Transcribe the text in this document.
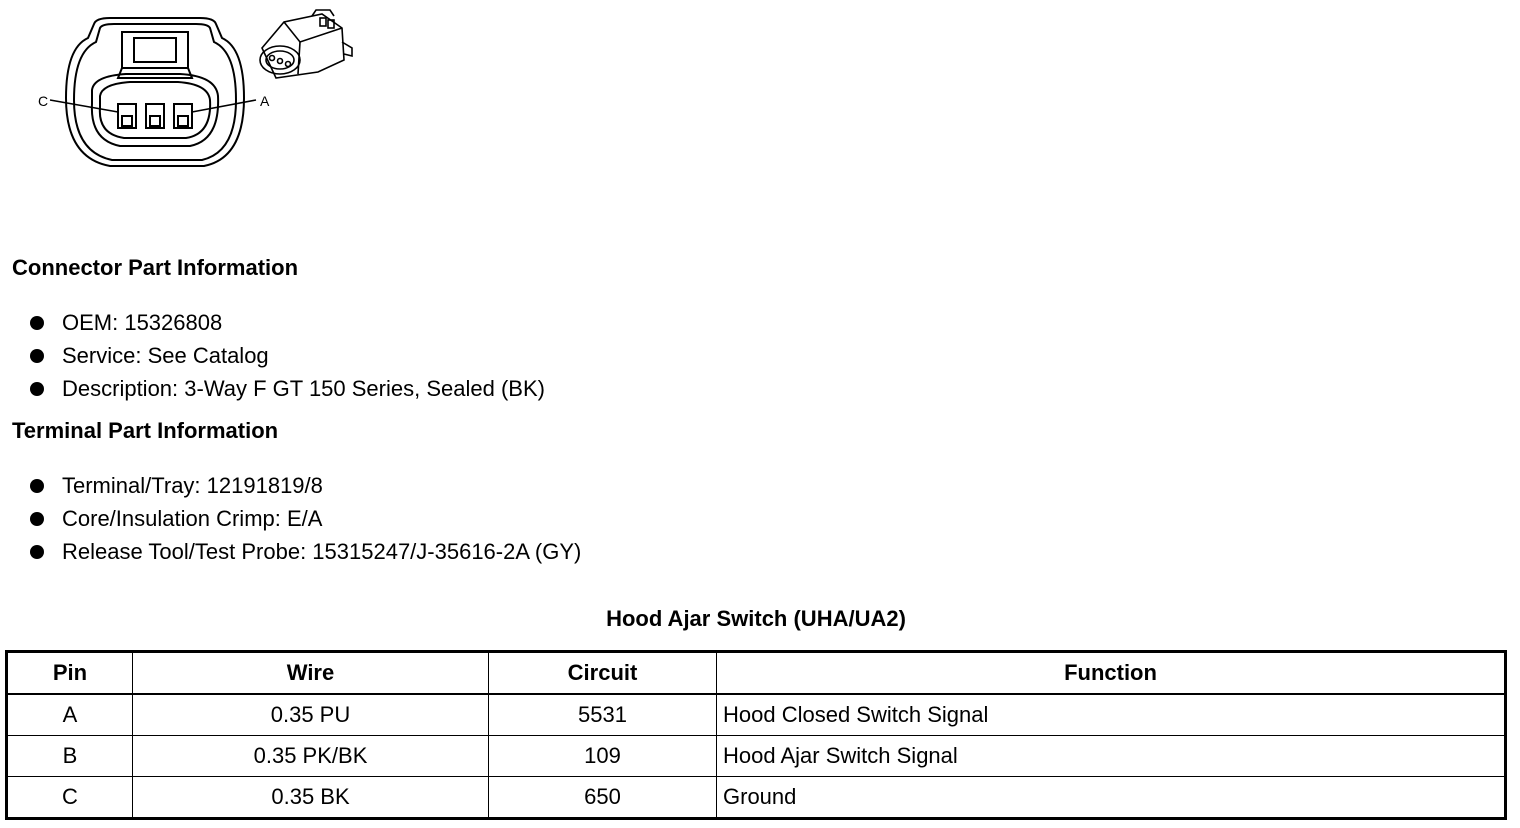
C	A
Connector Part Information
OEM: 15326808
Service: See Catalog
Description: 3-Way F GT 150 Series, Sealed (BK)
Terminal Part Information
Terminal/Tray: 12191819/8
Core/Insulation Crimp: E/A
Release Tool/Test Probe: 15315247/J-35616-2A (GY)
Hood Ajar Switch (UHA/UA2)
Pin	Wire	Circuit	Function
A	0.35 PU	5531	Hood Closed Switch Signal
B	0.35 PK/BK	109	Hood Ajar Switch Signal
C	0.35 BK	650	Ground
